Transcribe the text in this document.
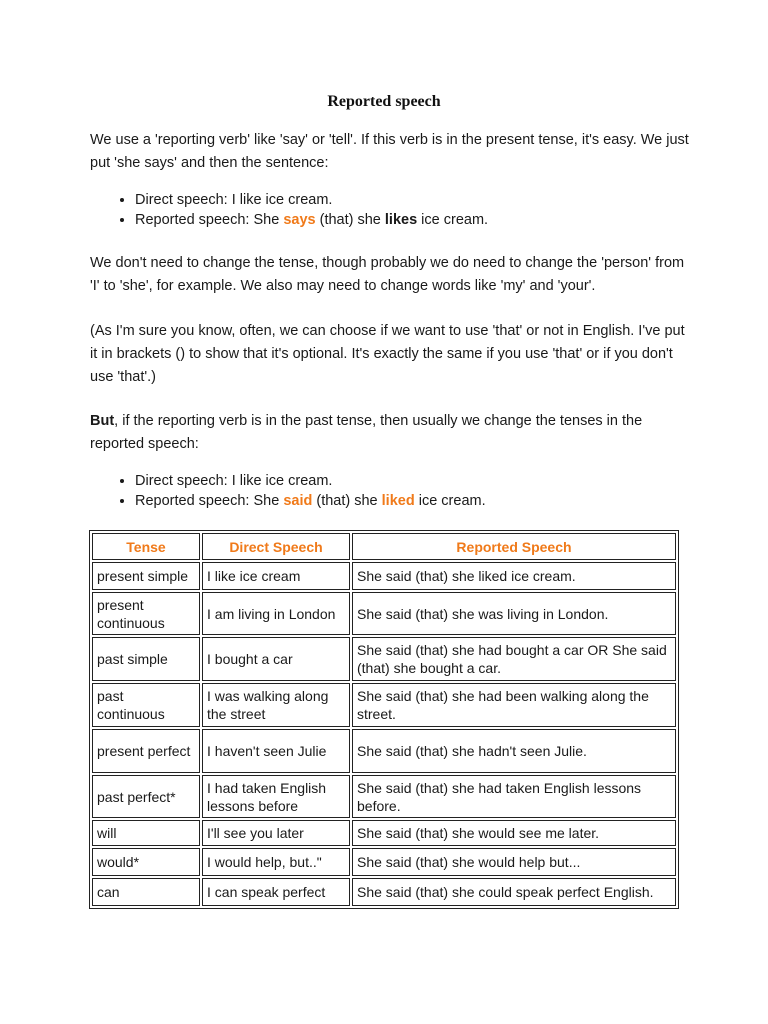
Reported speech
We use a 'reporting verb' like 'say' or 'tell'. If this verb is in the present tense, it's easy. We just put 'she says' and then the sentence:
• Direct speech: I like ice cream.
• Reported speech: She says (that) she likes ice cream.
We don't need to change the tense, though probably we do need to change the 'person' from 'I' to 'she', for example. We also may need to change words like 'my' and 'your'.
(As I'm sure you know, often, we can choose if we want to use 'that' or not in English. I've put it in brackets () to show that it's optional. It's exactly the same if you use 'that' or if you don't use 'that'.)
But, if the reporting verb is in the past tense, then usually we change the tenses in the reported speech:
• Direct speech: I like ice cream.
• Reported speech: She said (that) she liked ice cream.
Tense	Direct Speech	Reported Speech
present simple	I like ice cream	She said (that) she liked ice cream.
present continuous	I am living in London	She said (that) she was living in London.
past simple	I bought a car	She said (that) she had bought a car OR She said (that) she bought a car.
past continuous	I was walking along the street	She said (that) she had been walking along the street.
present perfect	I haven't seen Julie	She said (that) she hadn't seen Julie.
past perfect*	I had taken English lessons before	She said (that) she had taken English lessons before.
will	I'll see you later	She said (that) she would see me later.
would*	I would help, but.."	She said (that) she would help but...
can	I can speak perfect	She said (that) she could speak perfect English.
